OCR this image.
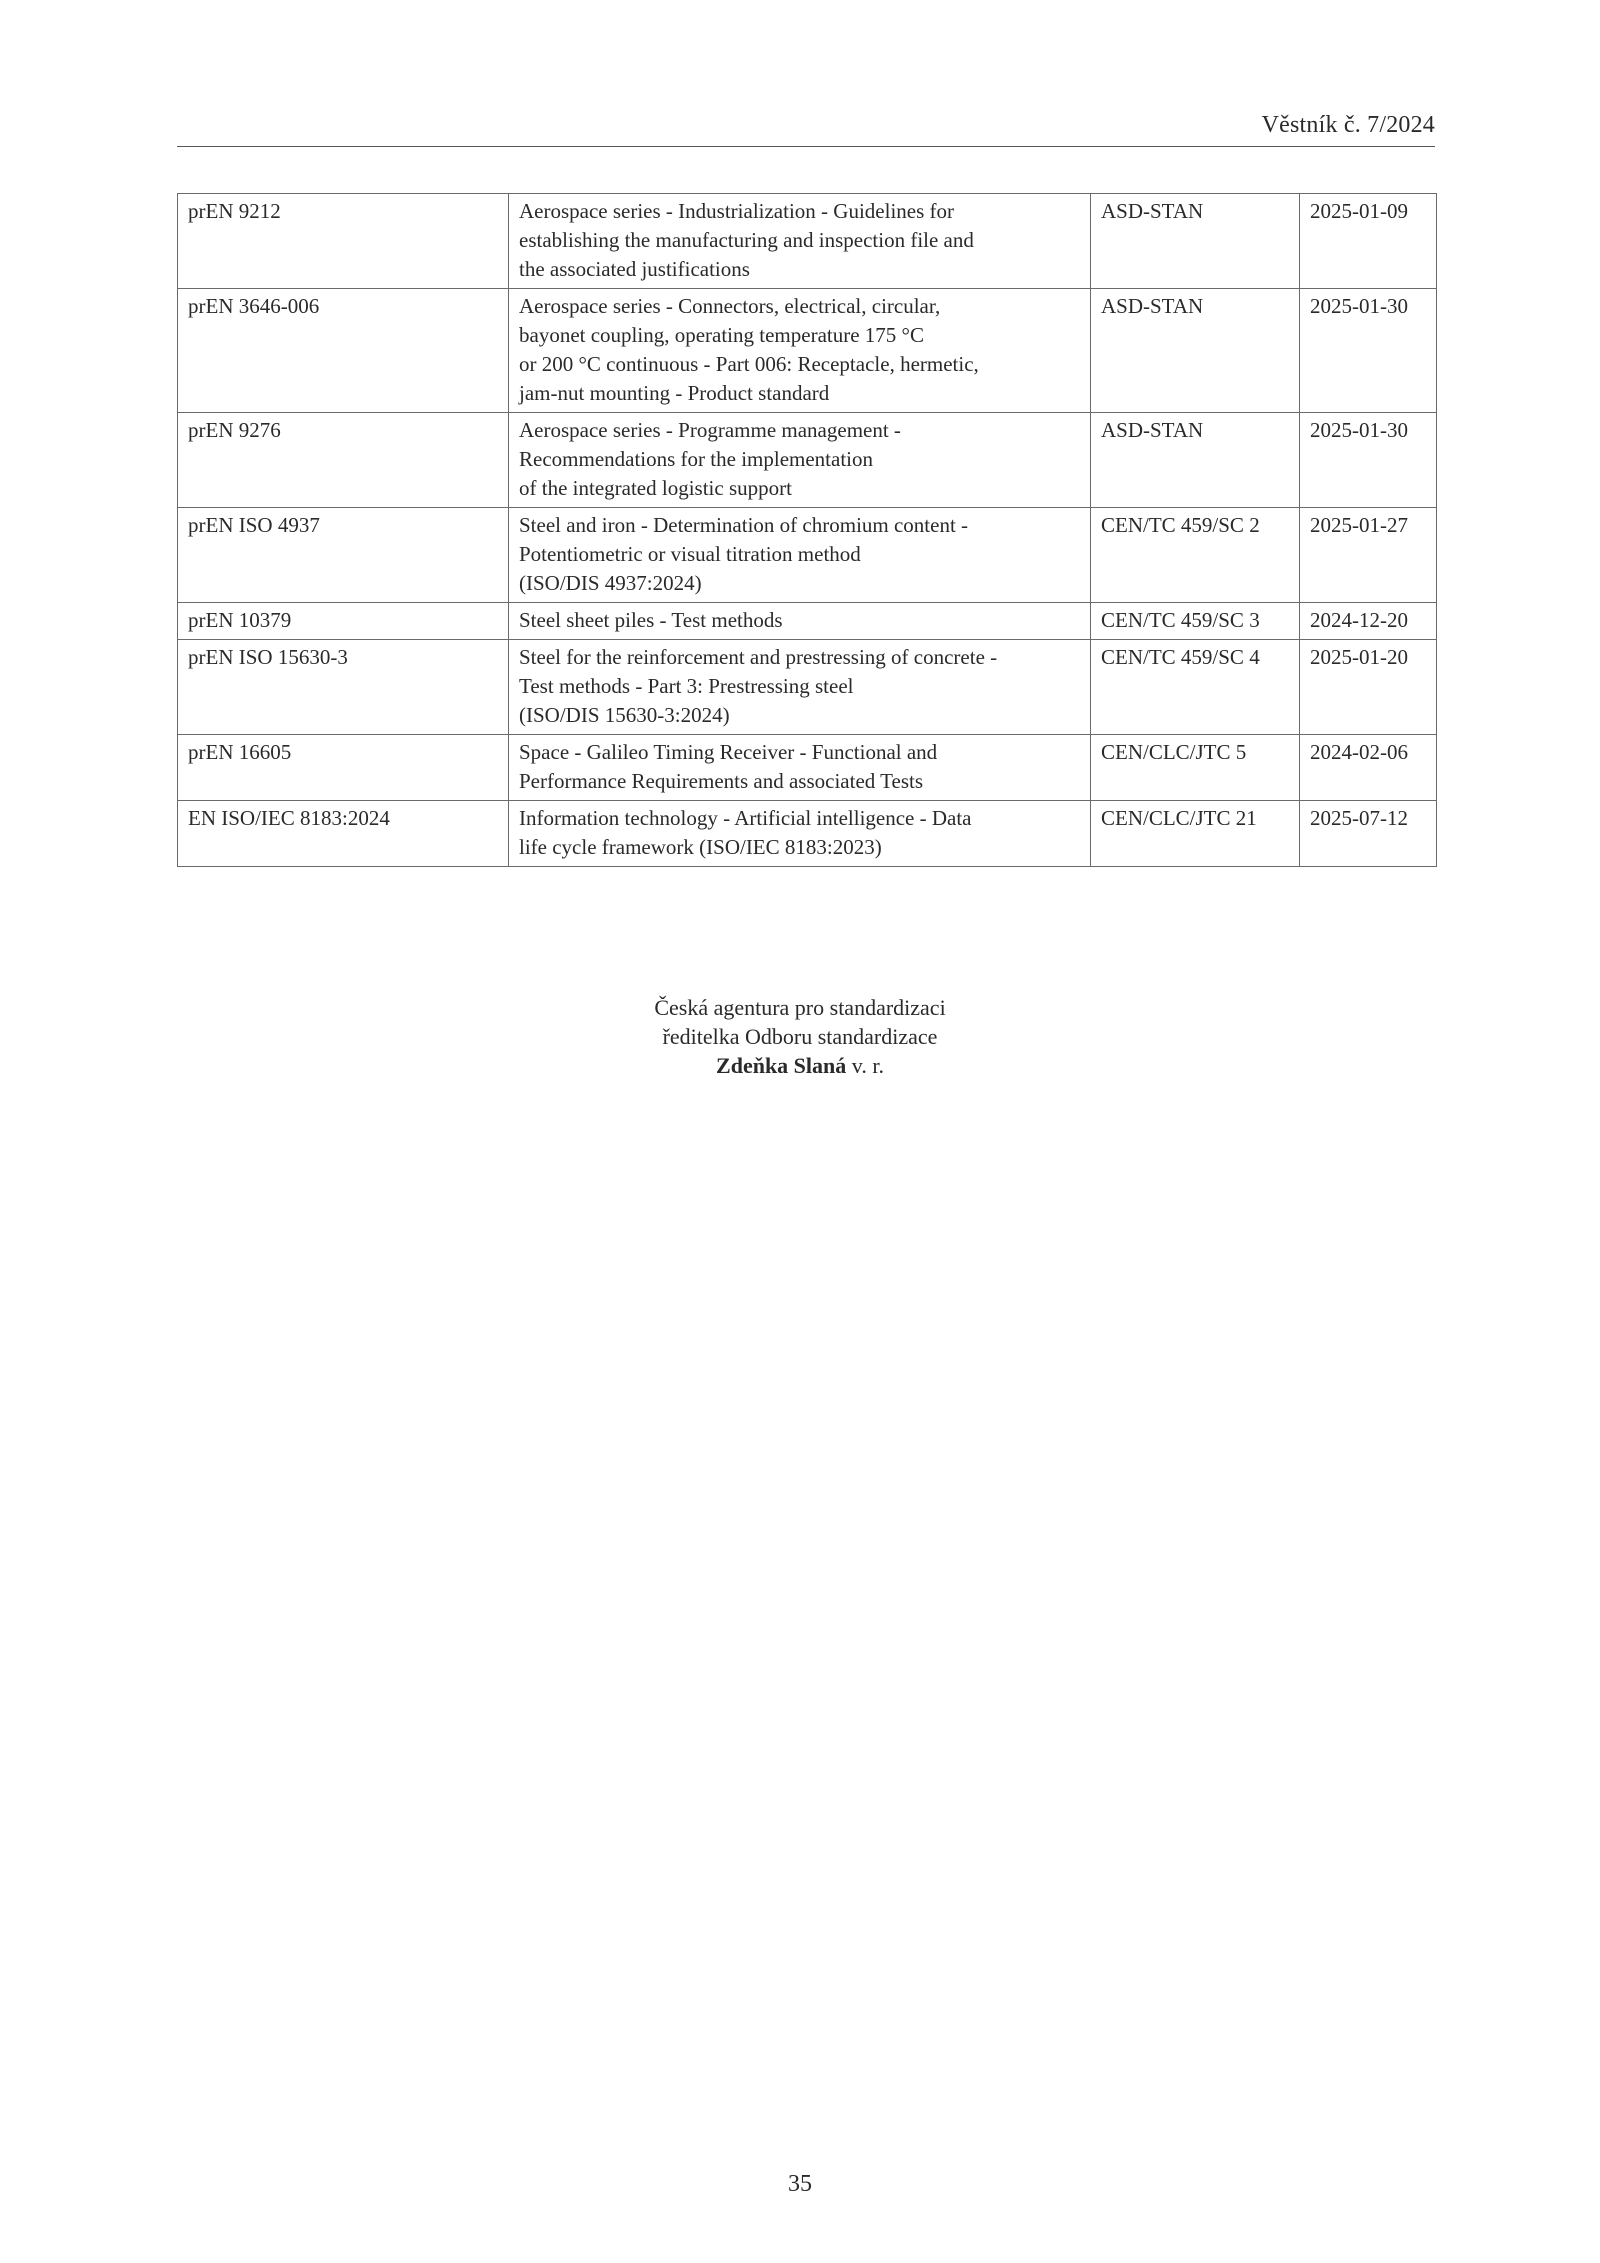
Věstník č. 7/2024
prEN 9212	Aerospace series - Industrialization - Guidelines for
establishing the manufacturing and inspection file and
the associated justifications	ASD-STAN	2025-01-09
prEN 3646-006	Aerospace series - Connectors, electrical, circular,
bayonet coupling, operating temperature 175 °C
or 200 °C continuous - Part 006: Receptacle, hermetic,
jam-nut mounting - Product standard	ASD-STAN	2025-01-30
prEN 9276	Aerospace series - Programme management -
Recommendations for the implementation
of the integrated logistic support	ASD-STAN	2025-01-30
prEN ISO 4937	Steel and iron - Determination of chromium content -
Potentiometric or visual titration method
(ISO/DIS 4937:2024)	CEN/TC 459/SC 2	2025-01-27
prEN 10379	Steel sheet piles - Test methods	CEN/TC 459/SC 3	2024-12-20
prEN ISO 15630-3	Steel for the reinforcement and prestressing of concrete -
Test methods - Part 3: Prestressing steel
(ISO/DIS 15630-3:2024)	CEN/TC 459/SC 4	2025-01-20
prEN 16605	Space - Galileo Timing Receiver - Functional and
Performance Requirements and associated Tests	CEN/CLC/JTC 5	2024-02-06
EN ISO/IEC 8183:2024	Information technology - Artificial intelligence - Data
life cycle framework (ISO/IEC 8183:2023)	CEN/CLC/JTC 21	2025-07-12
Česká agentura pro standardizaci
ředitelka Odboru standardizace
Zdeňka Slaná v. r.
35
